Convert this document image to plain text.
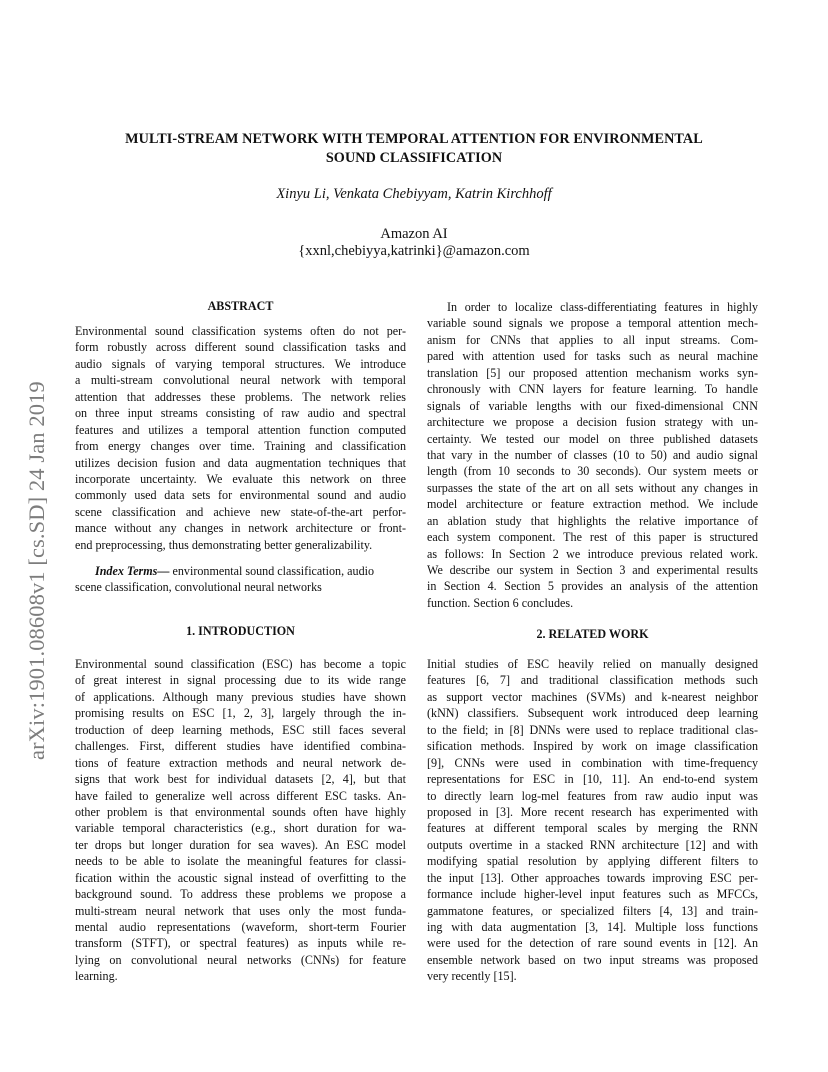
arXiv:1901.08608v1 [cs.SD] 24 Jan 2019
MULTI-STREAM NETWORK WITH TEMPORAL ATTENTION FOR ENVIRONMENTAL
SOUND CLASSIFICATION
Xinyu Li, Venkata Chebiyyam, Katrin Kirchhoff
Amazon AI
{xxnl,chebiyya,katrinki}@amazon.com
ABSTRACT
Environmental sound classification systems often do not per-
form robustly across different sound classification tasks and
audio signals of varying temporal structures. We introduce
a multi-stream convolutional neural network with temporal
attention that addresses these problems. The network relies
on three input streams consisting of raw audio and spectral
features and utilizes a temporal attention function computed
from energy changes over time. Training and classification
utilizes decision fusion and data augmentation techniques that
incorporate uncertainty. We evaluate this network on three
commonly used data sets for environmental sound and audio
scene classification and achieve new state-of-the-art perfor-
mance without any changes in network architecture or front-
end preprocessing, thus demonstrating better generalizability.
Index Terms— environmental sound classification, audio
scene classification, convolutional neural networks
1. INTRODUCTION
Environmental sound classification (ESC) has become a topic
of great interest in signal processing due to its wide range
of applications. Although many previous studies have shown
promising results on ESC [1, 2, 3], largely through the in-
troduction of deep learning methods, ESC still faces several
challenges. First, different studies have identified combina-
tions of feature extraction methods and neural network de-
signs that work best for individual datasets [2, 4], but that
have failed to generalize well across different ESC tasks. An-
other problem is that environmental sounds often have highly
variable temporal characteristics (e.g., short duration for wa-
ter drops but longer duration for sea waves). An ESC model
needs to be able to isolate the meaningful features for classi-
fication within the acoustic signal instead of overfitting to the
background sound. To address these problems we propose a
multi-stream neural network that uses only the most funda-
mental audio representations (waveform, short-term Fourier
transform (STFT), or spectral features) as inputs while re-
lying on convolutional neural networks (CNNs) for feature
learning.
In order to localize class-differentiating features in highly
variable sound signals we propose a temporal attention mech-
anism for CNNs that applies to all input streams. Com-
pared with attention used for tasks such as neural machine
translation [5] our proposed attention mechanism works syn-
chronously with CNN layers for feature learning. To handle
signals of variable lengths with our fixed-dimensional CNN
architecture we propose a decision fusion strategy with un-
certainty. We tested our model on three published datasets
that vary in the number of classes (10 to 50) and audio signal
length (from 10 seconds to 30 seconds). Our system meets or
surpasses the state of the art on all sets without any changes in
model architecture or feature extraction method. We include
an ablation study that highlights the relative importance of
each system component. The rest of this paper is structured
as follows: In Section 2 we introduce previous related work.
We describe our system in Section 3 and experimental results
in Section 4. Section 5 provides an analysis of the attention
function. Section 6 concludes.
2. RELATED WORK
Initial studies of ESC heavily relied on manually designed
features [6, 7] and traditional classification methods such
as support vector machines (SVMs) and k-nearest neighbor
(kNN) classifiers. Subsequent work introduced deep learning
to the field; in [8] DNNs were used to replace traditional clas-
sification methods. Inspired by work on image classification
[9], CNNs were used in combination with time-frequency
representations for ESC in [10, 11]. An end-to-end system
to directly learn log-mel features from raw audio input was
proposed in [3]. More recent research has experimented with
features at different temporal scales by merging the RNN
outputs overtime in a stacked RNN architecture [12] and with
modifying spatial resolution by applying different filters to
the input [13]. Other approaches towards improving ESC per-
formance include higher-level input features such as MFCCs,
gammatone features, or specialized filters [4, 13] and train-
ing with data augmentation [3, 14]. Multiple loss functions
were used for the detection of rare sound events in [12]. An
ensemble network based on two input streams was proposed
very recently [15].
